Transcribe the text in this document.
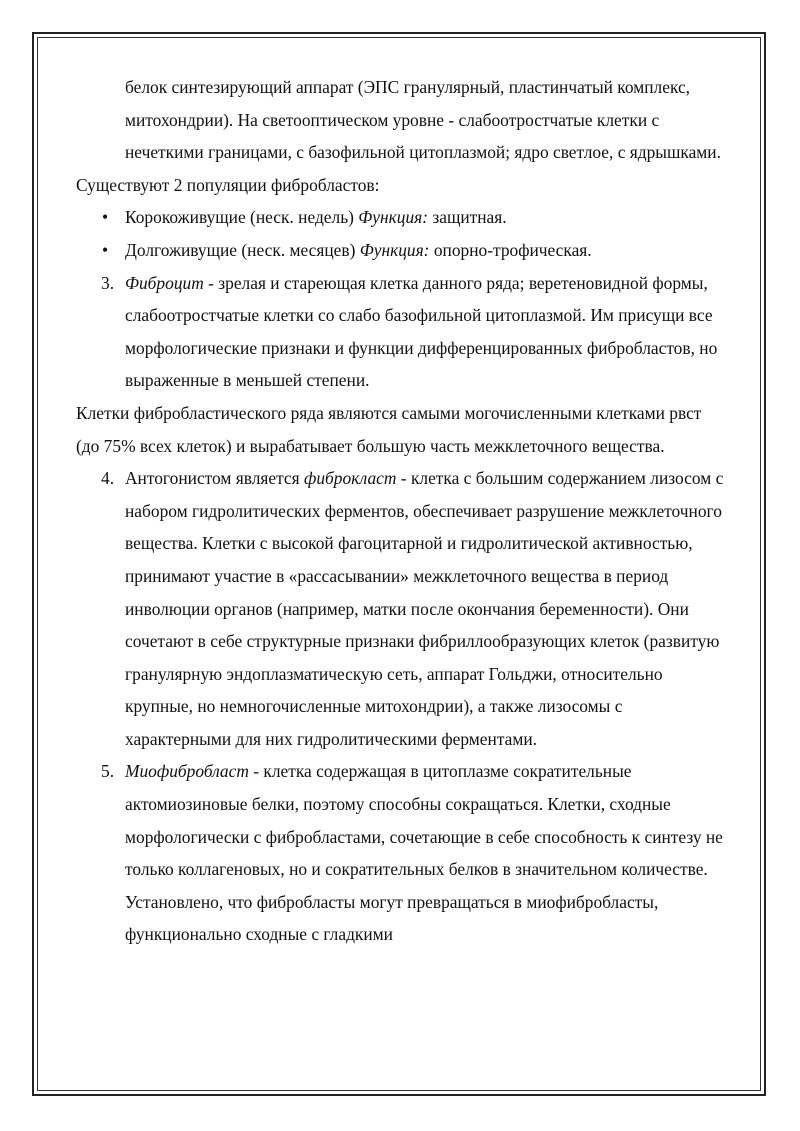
белок синтезирующий аппарат (ЭПС гранулярный, пластинчатый комплекс, митохондрии). На светооптическом уровне - слабоотростчатые клетки с нечеткими границами, с базофильной цитоплазмой; ядро светлое, с ядрышками.

Существуют 2 популяции фибробластов:

• Корокоживущие (неск. недель) Функция: защитная.
• Долгоживущие (неск. месяцев) Функция: опорно-трофическая.
3. Фиброцит - зрелая и стареющая клетка данного ряда; веретеновидной формы, слабоотростчатые клетки со слабо базофильной цитоплазмой. Им присущи все морфологические признаки и функции дифференцированных фибробластов, но выраженные в меньшей степени.

Клетки фибробластического ряда являются самыми могочисленными клетками рвст (до 75% всех клеток) и вырабатывает большую часть межклеточного вещества.

4. Антогонистом является фиброкласт - клетка с большим содержанием лизосом с набором гидролитических ферментов, обеспечивает разрушение межклеточного вещества. Клетки с высокой фагоцитарной и гидролитической активностью, принимают участие в «рассасывании» межклеточного вещества в период инволюции органов (например, матки после окончания беременности). Они сочетают в себе структурные признаки фибриллообразующих клеток (развитую гранулярную эндоплазматическую сеть, аппарат Гольджи, относительно крупные, но немногочисленные митохондрии), а также лизосомы с характерными для них гидролитическими ферментами.
5. Миофибробласт - клетка содержащая в цитоплазме сократительные актомиозиновые белки, поэтому способны сокращаться. Клетки, сходные морфологически с фибробластами, сочетающие в себе способность к синтезу не только коллагеновых, но и сократительных белков в значительном количестве. Установлено, что фибробласты могут превращаться в миофибробласты, функционально сходные с гладкими
